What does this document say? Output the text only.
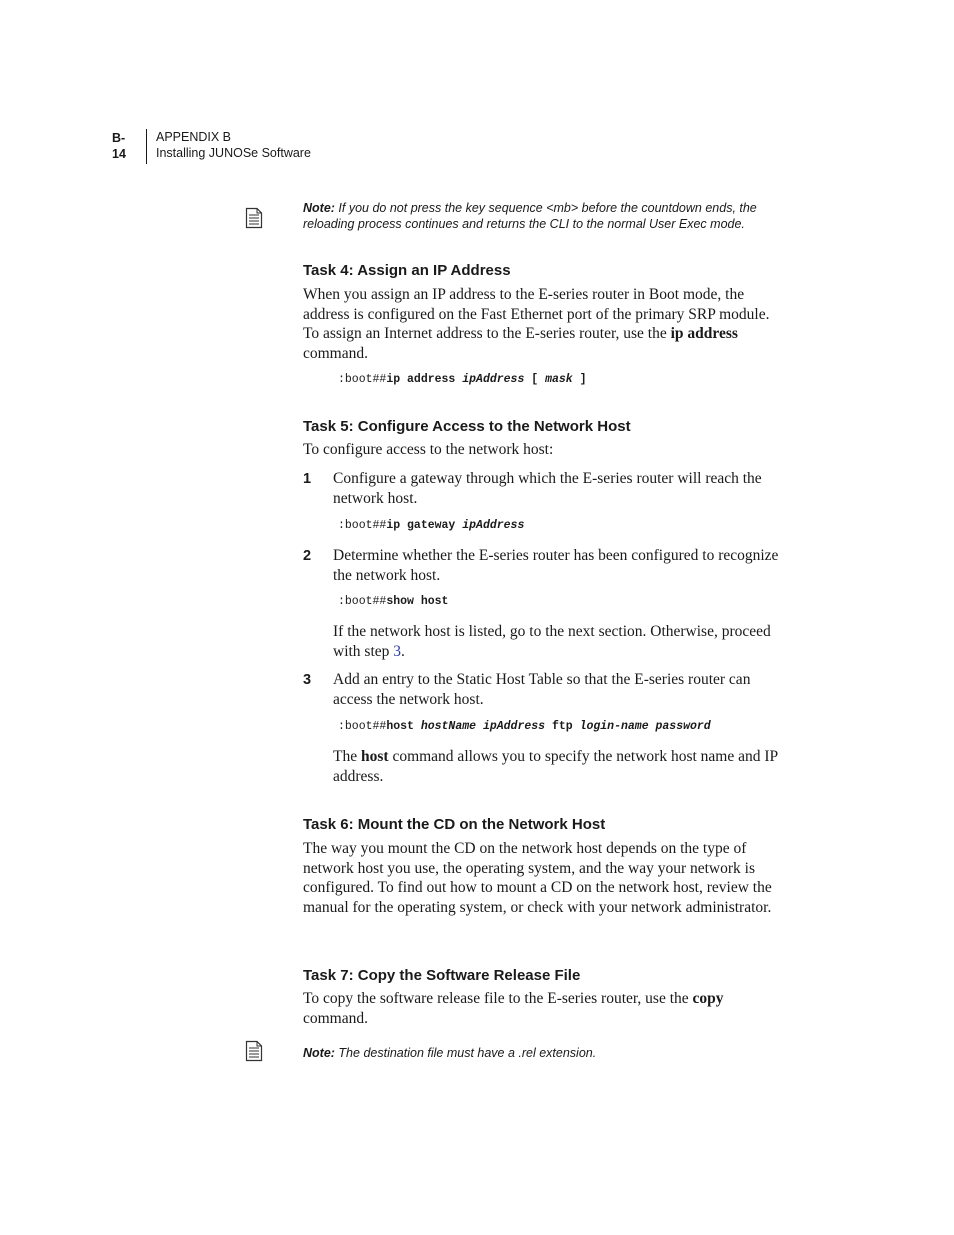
B-14
APPENDIX B
Installing JUNOSe Software
Note: If you do not press the key sequence <mb> before the countdown ends, the reloading process continues and returns the CLI to the normal User Exec mode.
Task 4: Assign an IP Address

When you assign an IP address to the E-series router in Boot mode, the address is configured on the Fast Ethernet port of the primary SRP module. To assign an Internet address to the E-series router, use the ip address command.

:boot##ip address ipAddress [ mask ]
Task 5: Configure Access to the Network Host

To configure access to the network host:

1 Configure a gateway through which the E-series router will reach the network host.

:boot##ip gateway ipAddress
2 Determine whether the E-series router has been configured to recognize the network host.

:boot##show host

If the network host is listed, go to the next section. Otherwise, proceed with step 3.

3 Add an entry to the Static Host Table so that the E-series router can access the network host.

:boot##host hostName ipAddress ftp login-name password

The host command allows you to specify the network host name and IP address.

Task 6: Mount the CD on the Network Host

The way you mount the CD on the network host depends on the type of network host you use, the operating system, and the way your network is configured. To find out how to mount a CD on the network host, review the manual for the operating system, or check with your network administrator.

Task 7: Copy the Software Release File

To copy the software release file to the E-series router, use the copy command.

Note: The destination file must have a .rel extension.
